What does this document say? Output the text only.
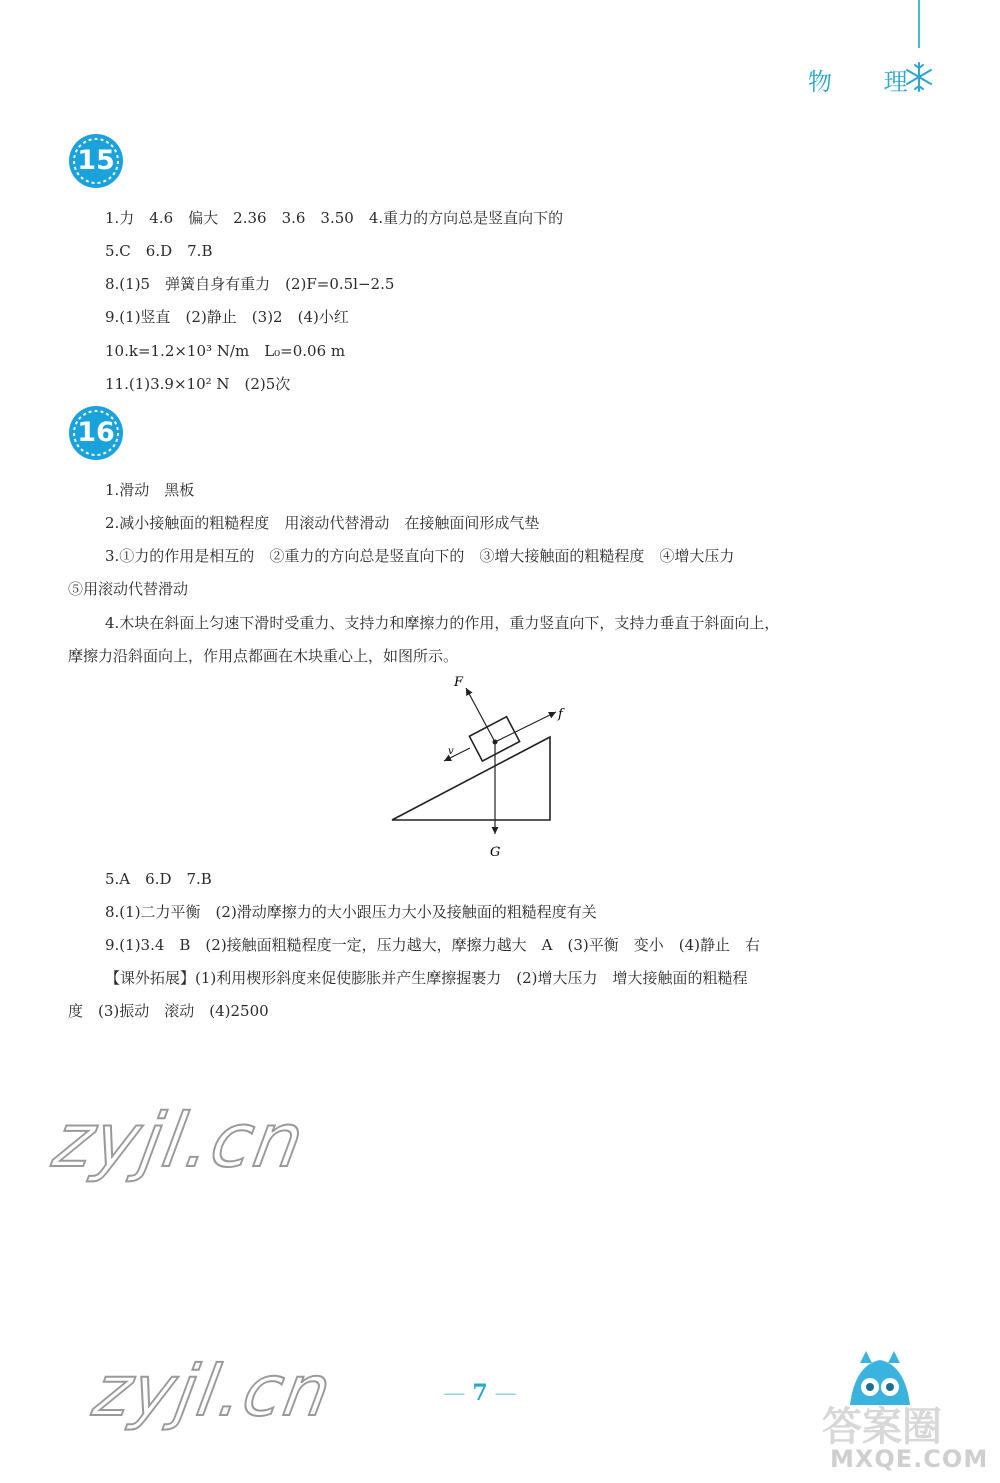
物 理
15
1.力　4.6　偏大　2.36　3.6　3.50　4.重力的方向总是竖直向下的
5.C　6.D　7.B
8.(1)5　弹簧自身有重力　(2)F=0.5l−2.5
9.(1)竖直　(2)静止　(3)2　(4)小红
10.k=1.2×10³ N/m　L₀=0.06 m
11.(1)3.9×10² N　(2)5次
16
1.滑动　黑板
2.减小接触面的粗糙程度　用滚动代替滑动　在接触面间形成气垫
3.①力的作用是相互的　②重力的方向总是竖直向下的　③增大接触面的粗糙程度　④增大压力
⑤用滚动代替滑动
4.木块在斜面上匀速下滑时受重力、支持力和摩擦力的作用，重力竖直向下，支持力垂直于斜面向上，
摩擦力沿斜面向上，作用点都画在木块重心上，如图所示。
F
f
G
v
5.A　6.D　7.B
8.(1)二力平衡　(2)滑动摩擦力的大小跟压力大小及接触面的粗糙程度有关
9.(1)3.4　B　(2)接触面粗糙程度一定，压力越大，摩擦力越大　A　(3)平衡　变小　(4)静止　右
【课外拓展】(1)利用楔形斜度来促使膨胀并产生摩擦握裹力　(2)增大压力　增大接触面的粗糙程
度　(3)振动　滚动　(4)2500
zyjl.cn
zyjl.cn	— 7 —
答案圈
MXQE.COM
